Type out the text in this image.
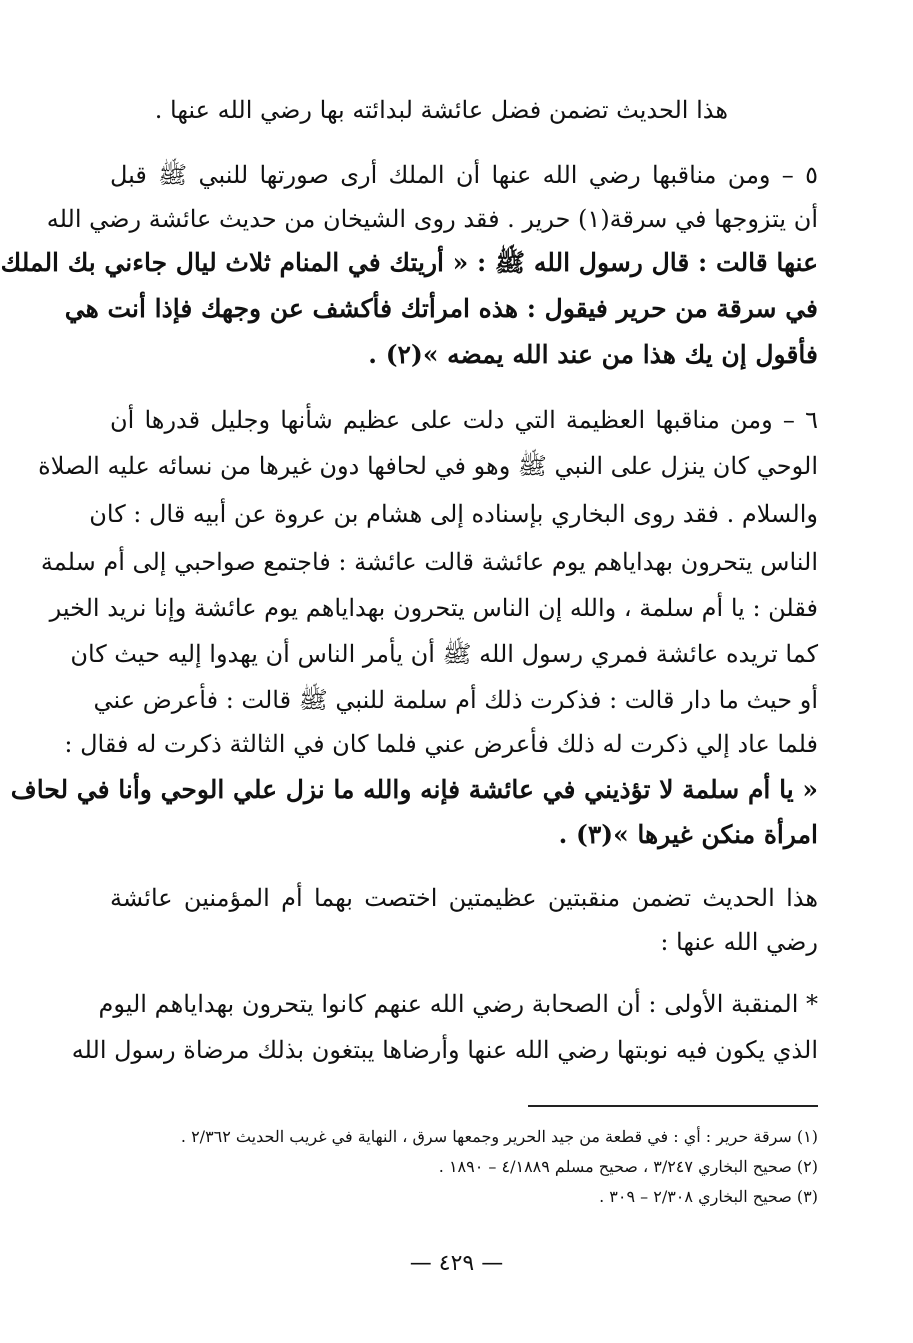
هذا الحديث تضمن فضل عائشة لبدائته بها رضي الله عنها .
٥ – ومن مناقبها رضي الله عنها أن الملك أرى صورتها للنبي ﷺ قبل
أن يتزوجها في سرقة(١) حرير . فقد روى الشيخان من حديث عائشة رضي الله
عنها قالت : قال رسول الله ﷺ : « أريتك في المنام ثلاث ليال جاءني بك الملك
في سرقة من حرير فيقول : هذه امرأتك فأكشف عن وجهك فإذا أنت هي
فأقول إن يك هذا من عند الله يمضه »(٢) .
٦ – ومن مناقبها العظيمة التي دلت على عظيم شأنها وجليل قدرها أن
الوحي كان ينزل على النبي ﷺ وهو في لحافها دون غيرها من نسائه عليه الصلاة
والسلام . فقد روى البخاري بإسناده إلى هشام بن عروة عن أبيه قال : كان
الناس يتحرون بهداياهم يوم عائشة قالت عائشة : فاجتمع صواحبي إلى أم سلمة
فقلن : يا أم سلمة ، والله إن الناس يتحرون بهداياهم يوم عائشة وإنا نريد الخير
كما تريده عائشة فمري رسول الله ﷺ أن يأمر الناس أن يهدوا إليه حيث كان
أو حيث ما دار قالت : فذكرت ذلك أم سلمة للنبي ﷺ قالت : فأعرض عني
فلما عاد إلي ذكرت له ذلك فأعرض عني فلما كان في الثالثة ذكرت له فقال :
« يا أم سلمة لا تؤذيني في عائشة فإنه والله ما نزل علي الوحي وأنا في لحاف
امرأة منكن غيرها »(٣) .
هذا الحديث تضمن منقبتين عظيمتين اختصت بهما أم المؤمنين عائشة
رضي الله عنها :
* المنقبة الأولى : أن الصحابة رضي الله عنهم كانوا يتحرون بهداياهم اليوم
الذي يكون فيه نوبتها رضي الله عنها وأرضاها يبتغون بذلك مرضاة رسول الله
(١) سرقة حرير : أي : في قطعة من جيد الحرير وجمعها سرق ، النهاية في غريب الحديث ٢/٣٦٢ .
(٢) صحيح البخاري ٣/٢٤٧ ، صحيح مسلم ٤/١٨٨٩ – ١٨٩٠ .
(٣) صحيح البخاري ٢/٣٠٨ – ٣٠٩ .
— ٤٢٩ —
